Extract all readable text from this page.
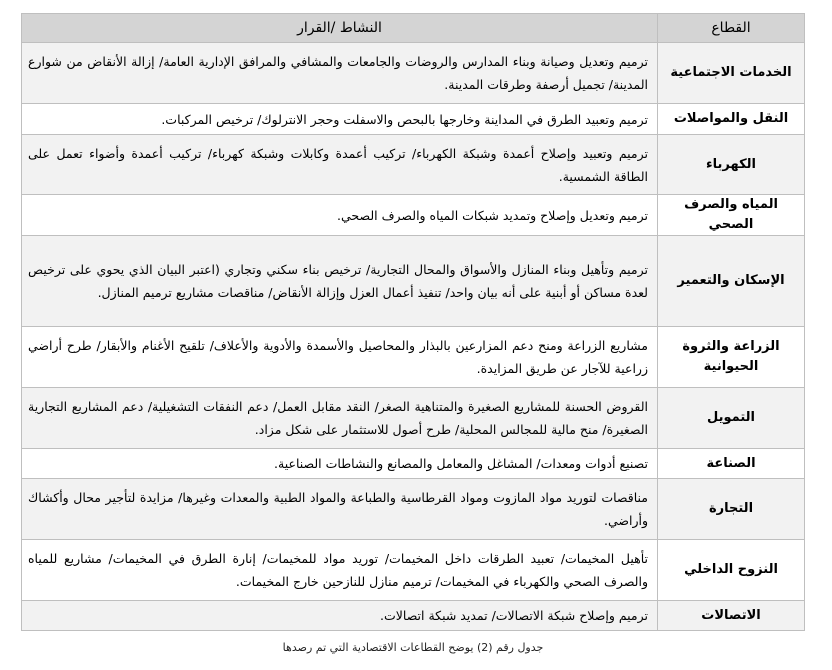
القطاع	النشاط /القرار
الخدمات الاجتماعية	ترميم وتعديل وصيانة وبناء المدارس والروضات والجامعات والمشافي والمرافق الإدارية العامة/ إزالة الأنقاض من شوارع المدينة/ تجميل أرصفة وطرقات المدينة.
النقل والمواصلات	ترميم وتعبيد الطرق في المداينة وخارجها بالبحص والاسفلت وحجر الانترلوك/ ترخيص المركبات.
الكهرباء	ترميم وتعبيد وإصلاح أعمدة وشبكة الكهرباء/ تركيب أعمدة وكابلات وشبكة كهرباء/ تركيب أعمدة وأضواء تعمل على الطاقة الشمسية.
المياه والصرف الصحي	ترميم وتعديل وإصلاح وتمديد شبكات المياه والصرف الصحي.
الإسكان والتعمير	ترميم وتأهيل وبناء المنازل والأسواق والمحال التجارية/ ترخيص بناء سكني وتجاري (اعتبر البيان الذي يحوي على ترخيص لعدة مساكن أو أبنية على أنه بيان واحد/ تنفيذ أعمال العزل وإزالة الأنقاض/ مناقصات مشاريع ترميم المنازل.
الزراعة والثروة الحيوانية	مشاريع الزراعة ومنح دعم المزارعين بالبذار والمحاصيل والأسمدة والأدوية والأعلاف/ تلقيح الأغنام والأبقار/ طرح أراضي زراعية للآجار عن طريق المزايدة.
التمويل	القروض الحسنة للمشاريع الصغيرة والمتناهية الصغر/ النقد مقابل العمل/ دعم النفقات التشغيلية/ دعم المشاريع التجارية الصغيرة/ منح مالية للمجالس المحلية/ طرح أصول للاستثمار على شكل مزاد.
الصناعة	تصنيع أدوات ومعدات/ المشاغل والمعامل والمصانع والنشاطات الصناعية.
التجارة	مناقصات لتوريد مواد المازوت ومواد القرطاسية والطباعة والمواد الطبية والمعدات وغيرها/ مزايدة لتأجير محال وأكشاك وأراضي.
النزوح الداخلي	تأهيل المخيمات/ تعبيد الطرقات داخل المخيمات/ توريد مواد للمخيمات/ إنارة الطرق في المخيمات/ مشاريع للمياه والصرف الصحي والكهرباء في المخيمات/ ترميم منازل للنازحين خارج المخيمات.
الاتصالات	ترميم وإصلاح شبكة الاتصالات/ تمديد شبكة اتصالات.
جدول رقم (2) يوضح القطاعات الاقتصادية التي تم رصدها
